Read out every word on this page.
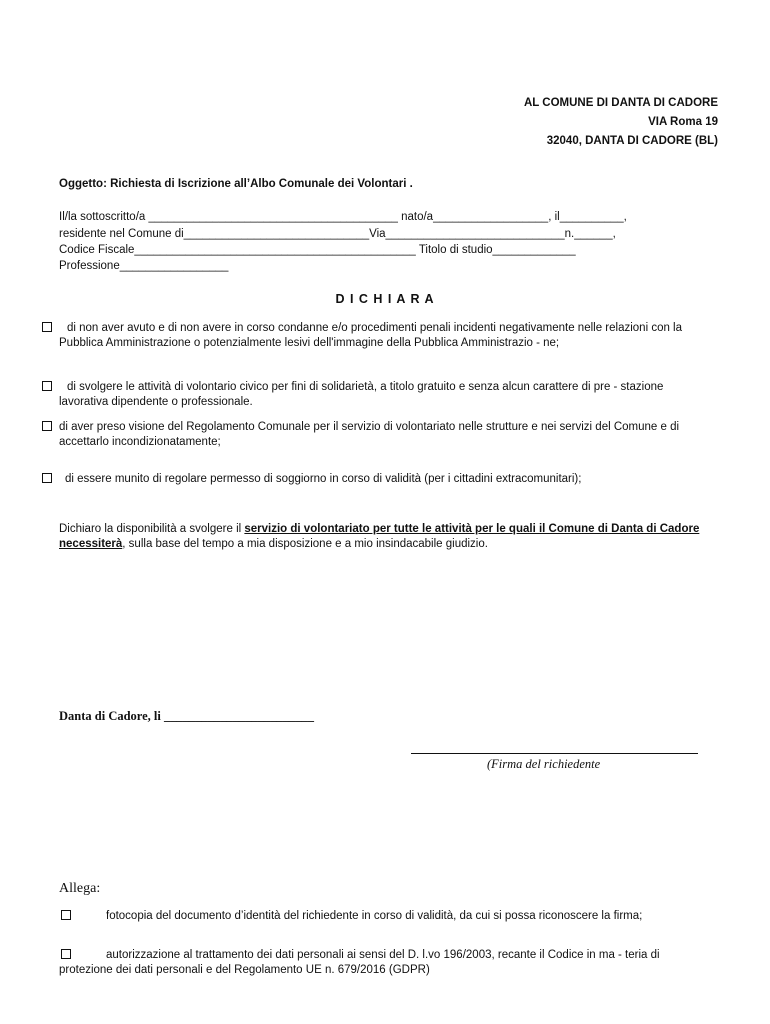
AL COMUNE DI DANTA DI CADORE
VIA Roma 19
32040, DANTA DI CADORE (BL)
Oggetto: Richiesta di Iscrizione all’Albo Comunale dei Volontari .
Il/la sottoscritto/a _______________________________________ nato/a__________________, il__________,
residente nel Comune di_____________________________Via____________________________n.______,
Codice Fiscale____________________________________________ Titolo di studio_____________
Professione_________________
D I C H I A R A
di non aver avuto e di non avere in corso condanne e/o procedimenti penali incidenti negativamente nelle relazioni con la Pubblica Amministrazione o potenzialmente lesivi dell'immagine della Pubblica Amministrazio - ne;
di svolgere le attività di volontario civico per fini di solidarietà, a titolo gratuito e senza alcun carattere di pre - stazione lavorativa dipendente o professionale.
di aver preso visione del Regolamento Comunale per il servizio di volontariato nelle strutture e nei servizi del Comune e di accettarlo incondizionatamente;
di essere munito di regolare permesso di soggiorno in corso di validità (per i cittadini extracomunitari);
Dichiaro la disponibilità a svolgere il servizio di volontariato per tutte le attività per le quali il Comune di Danta di Cadore necessiterà, sulla base del tempo a mia disposizione e a mio insindacabile giudizio.
Danta di Cadore, li ________________________
(Firma del richiedente
Allega:
fotocopia del documento d’identità del richiedente in corso di validità, da cui si possa riconoscere la firma;
autorizzazione al trattamento dei dati personali ai sensi del D. l.vo 196/2003, recante il Codice in ma - teria di protezione dei dati personali e del Regolamento UE n. 679/2016 (GDPR)
